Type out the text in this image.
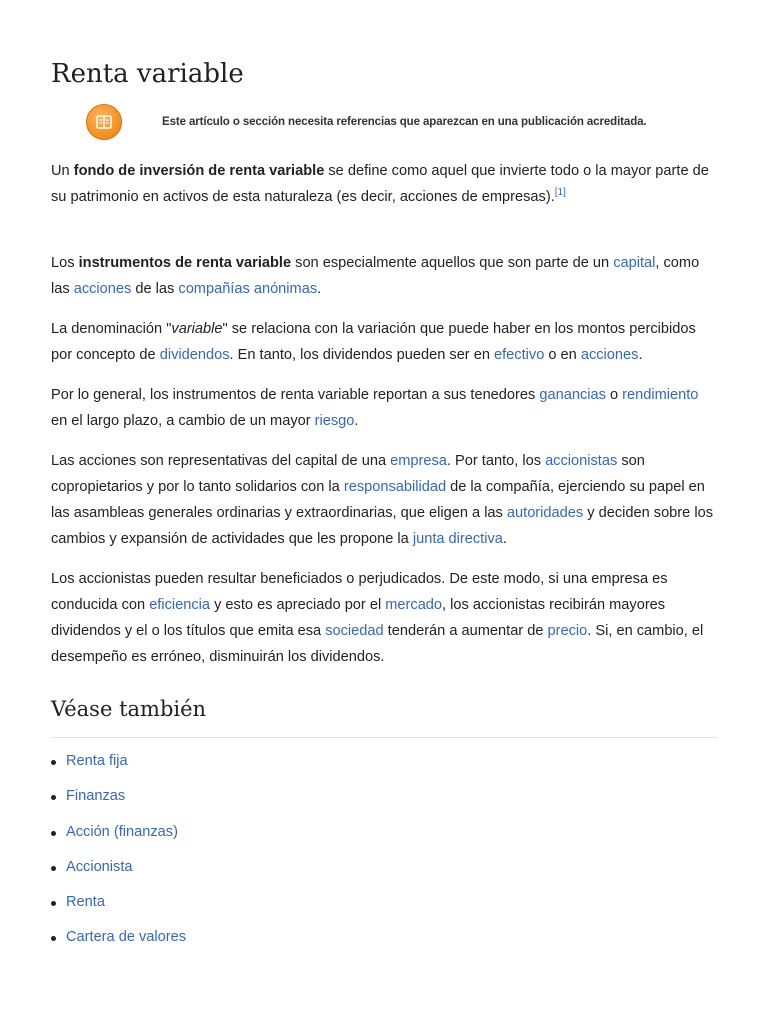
Renta variable
Este artículo o sección necesita referencias que aparezcan en una publicación acreditada.

Un fondo de inversión de renta variable se define como aquel que invierte todo o la mayor parte de su patrimonio en activos de esta naturaleza (es decir, acciones de empresas).[1]

Los instrumentos de renta variable son especialmente aquellos que son parte de un capital, como las acciones de las compañías anónimas.

La denominación "variable" se relaciona con la variación que puede haber en los montos percibidos por concepto de dividendos. En tanto, los dividendos pueden ser en efectivo o en acciones.

Por lo general, los instrumentos de renta variable reportan a sus tenedores ganancias o rendimiento en el largo plazo, a cambio de un mayor riesgo.

Las acciones son representativas del capital de una empresa. Por tanto, los accionistas son copropietarios y por lo tanto solidarios con la responsabilidad de la compañía, ejerciendo su papel en las asambleas generales ordinarias y extraordinarias, que eligen a las autoridades y deciden sobre los cambios y expansión de actividades que les propone la junta directiva.

Los accionistas pueden resultar beneficiados o perjudicados. De este modo, si una empresa es conducida con eficiencia y esto es apreciado por el mercado, los accionistas recibirán mayores dividendos y el o los títulos que emita esa sociedad tenderán a aumentar de precio. Si, en cambio, el desempeño es erróneo, disminuirán los dividendos.

Véase también
Renta fija
Finanzas
Acción (finanzas)
Accionista
Renta
Cartera de valores
